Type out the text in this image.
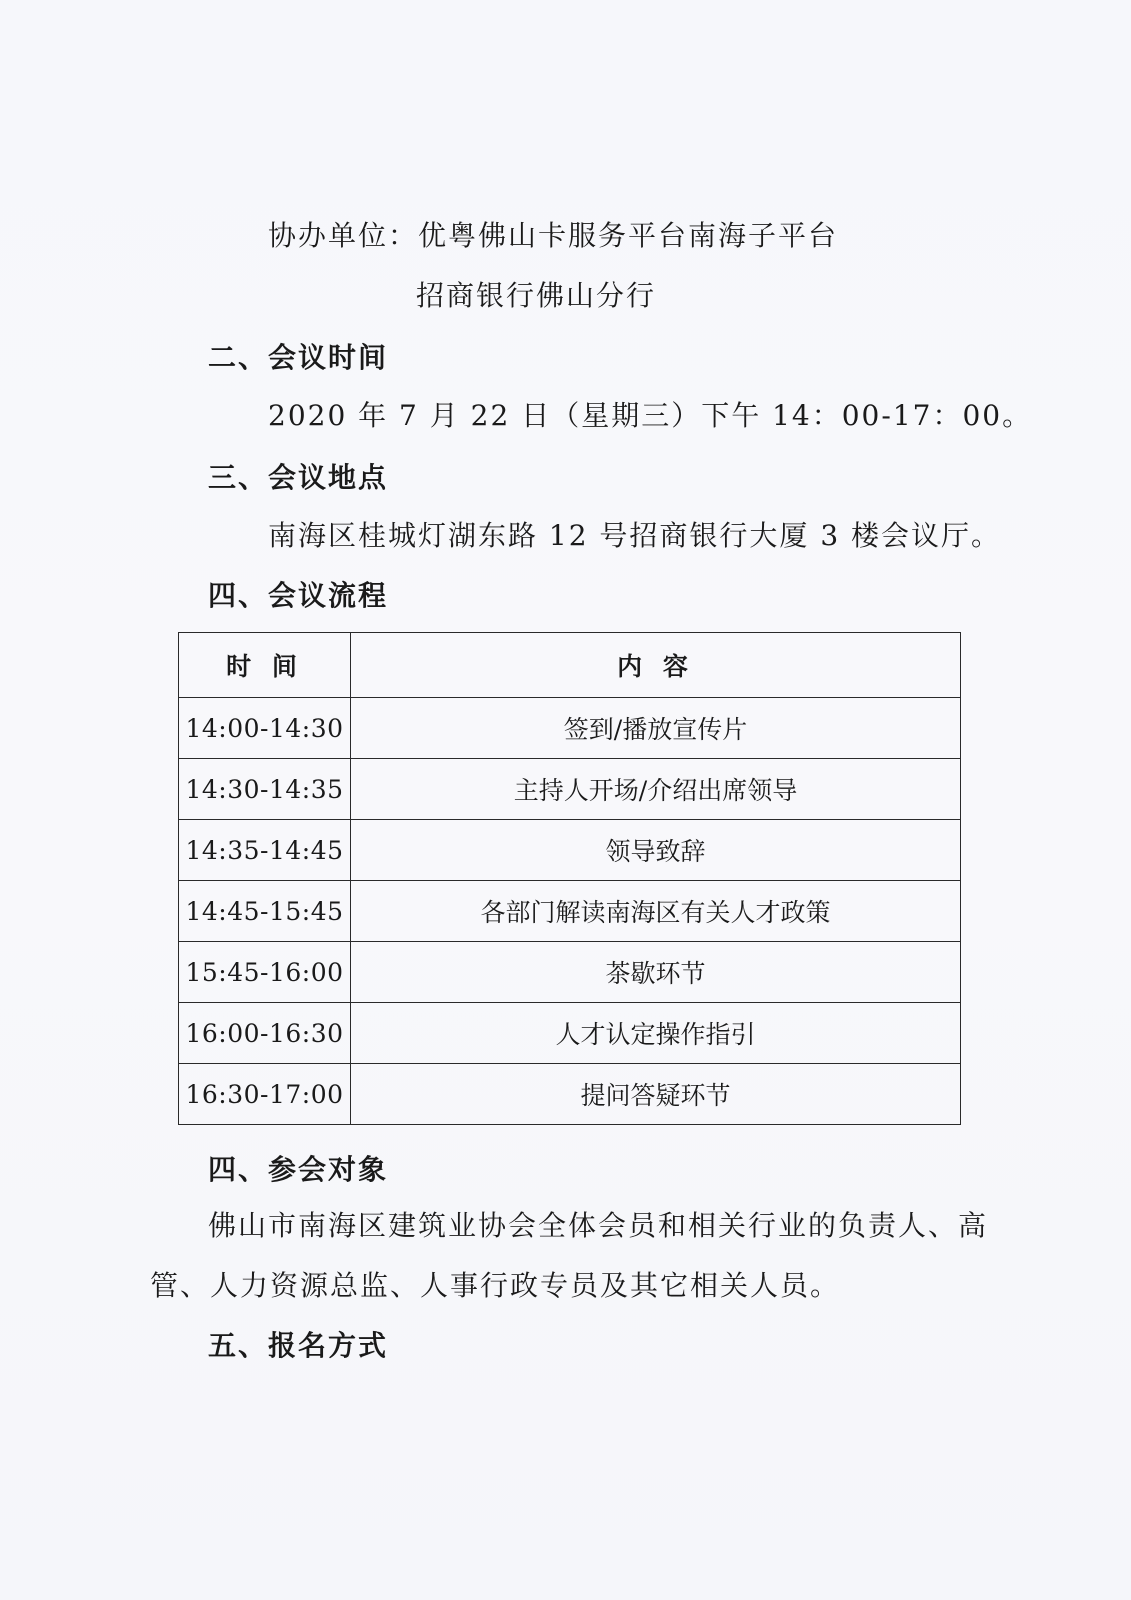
协办单位：优粤佛山卡服务平台南海子平台
招商银行佛山分行
二、会议时间
2020 年 7 月 22 日（星期三）下午 14：00-17：00。
三、会议地点
南海区桂城灯湖东路 12 号招商银行大厦 3 楼会议厅。
四、会议流程
时 间	内 容
14:00-14:30	签到/播放宣传片
14:30-14:35	主持人开场/介绍出席领导
14:35-14:45	领导致辞
14:45-15:45	各部门解读南海区有关人才政策
15:45-16:00	茶歇环节
16:00-16:30	人才认定操作指引
16:30-17:00	提问答疑环节
四、参会对象
佛山市南海区建筑业协会全体会员和相关行业的负责人、高
管、人力资源总监、人事行政专员及其它相关人员。
五、报名方式
